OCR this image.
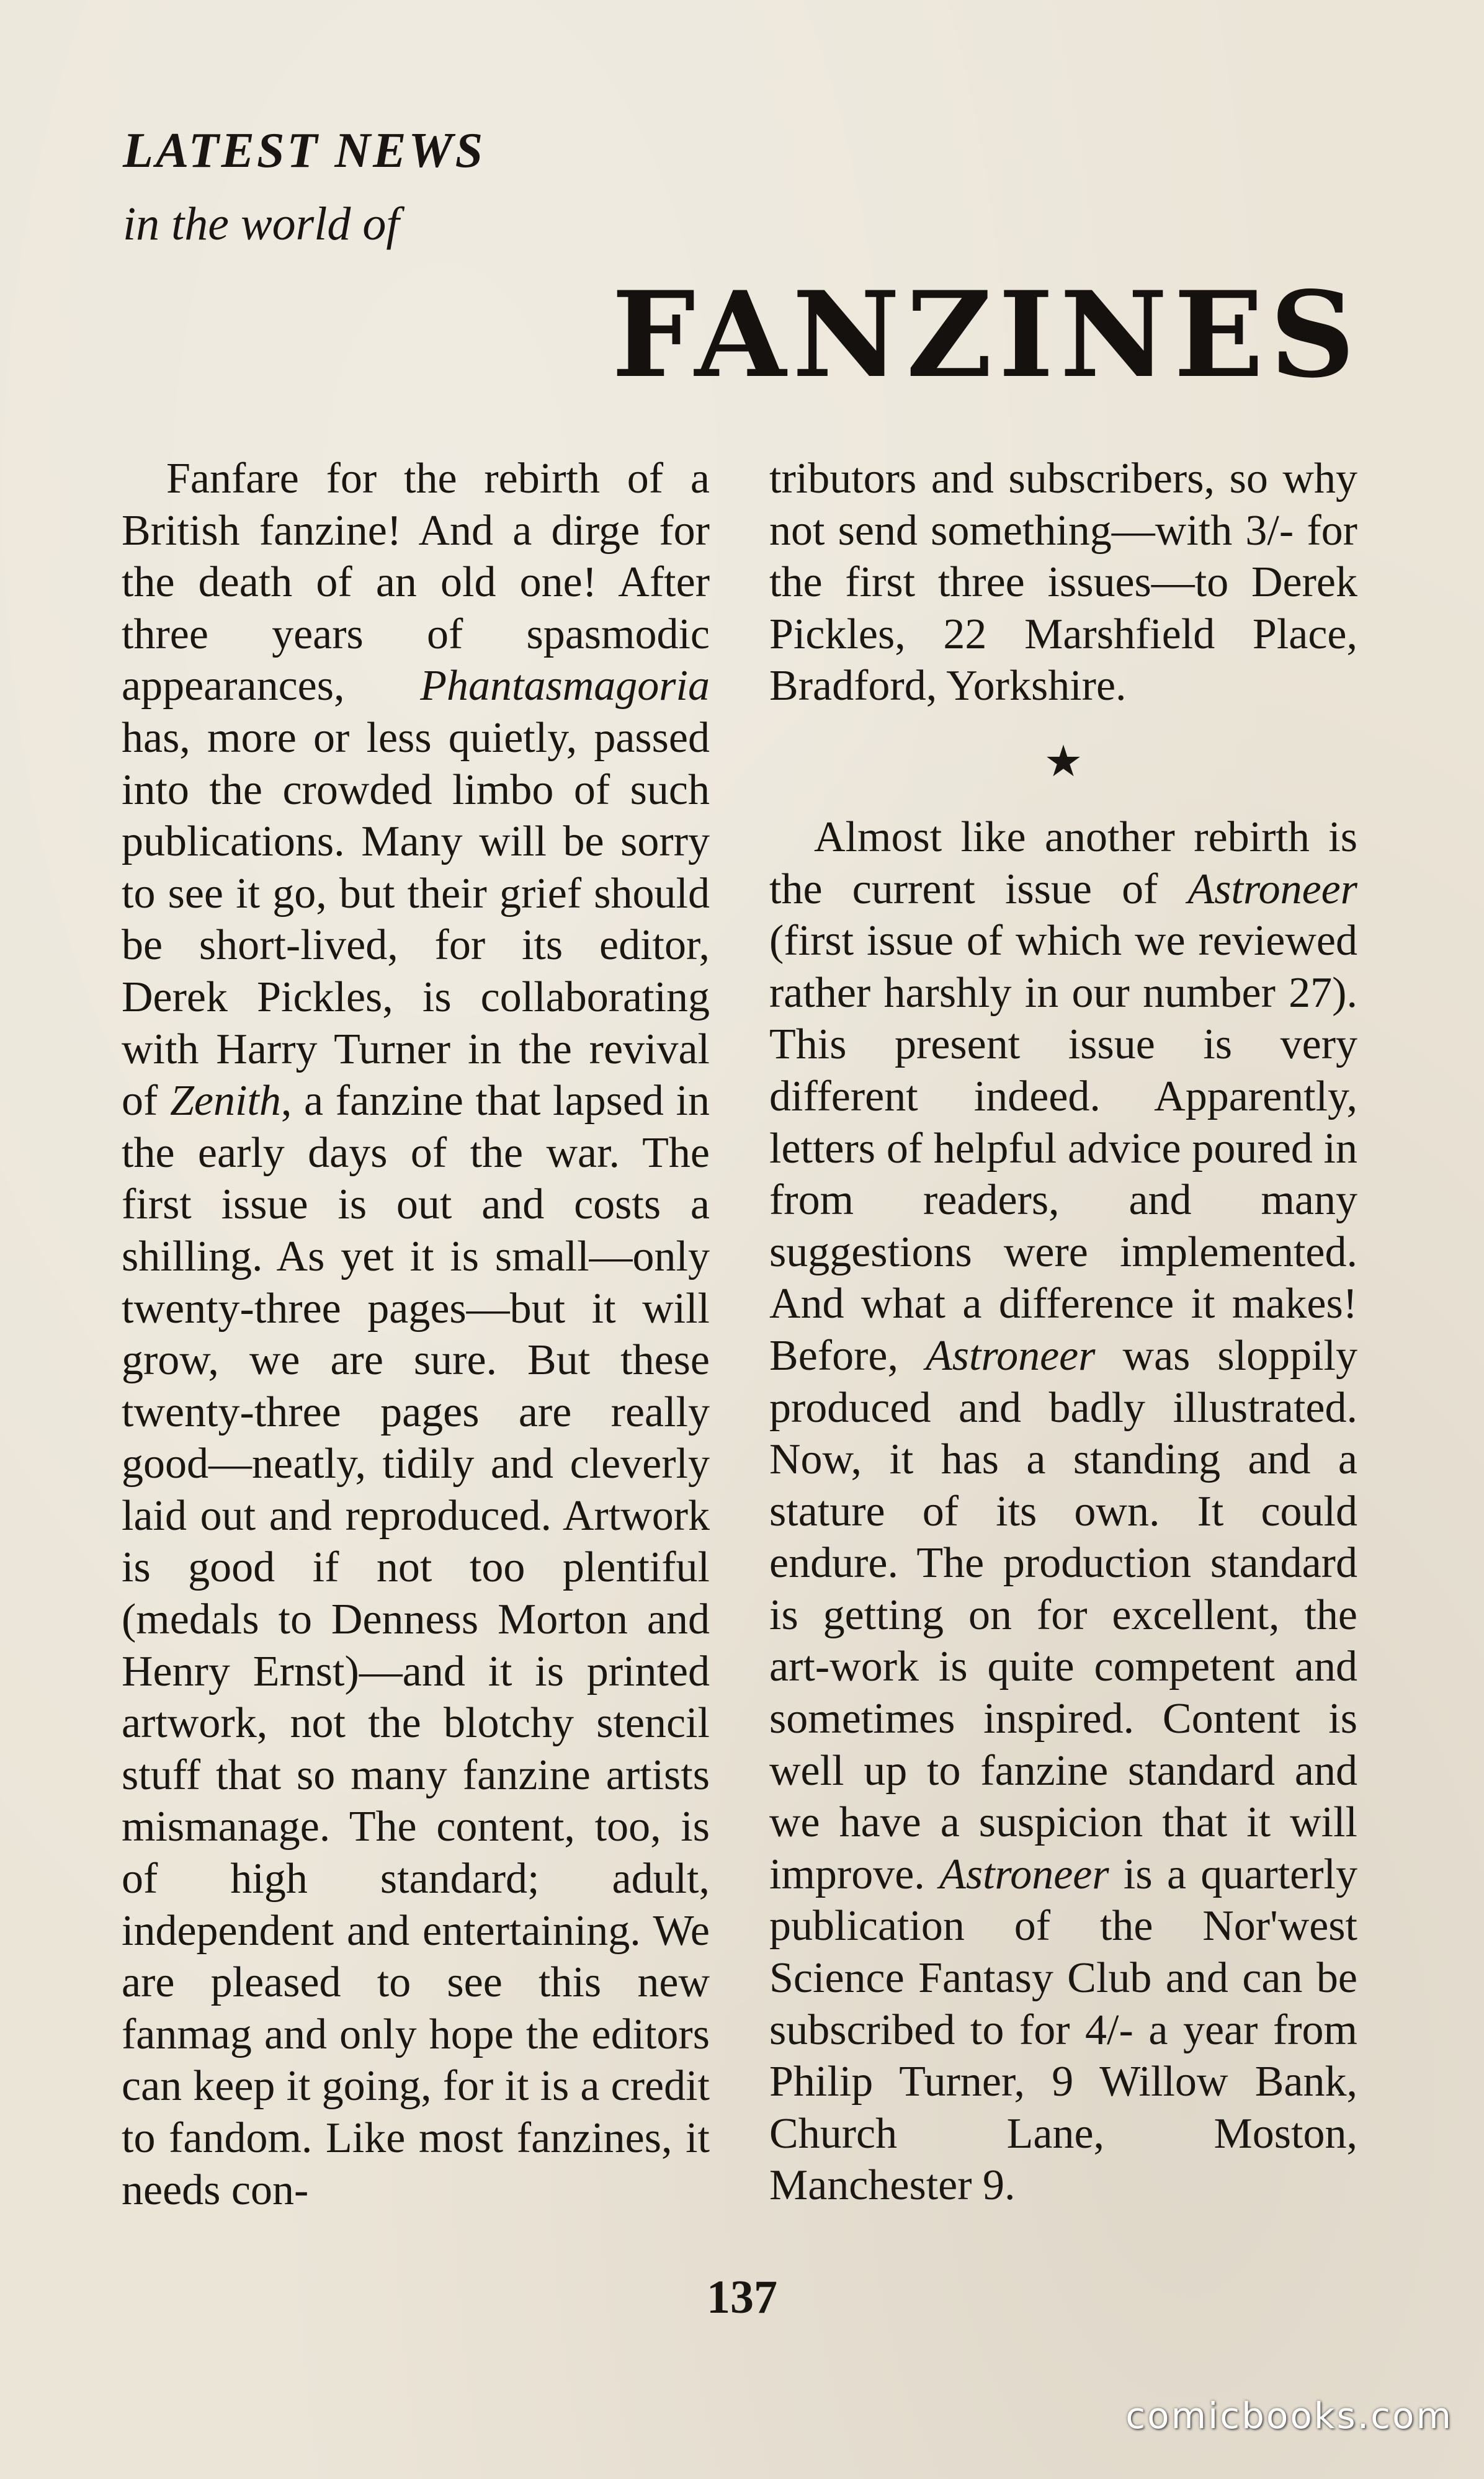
LATEST NEWS
in the world of
FANZINES

Fanfare for the rebirth of a British fanzine! And a dirge for the death of an old one! After three years of spasmodic appearances, Phantasmagoria has, more or less quietly, passed into the crowded limbo of such publications. Many will be sorry to see it go, but their grief should be short-lived, for its editor, Derek Pickles, is collaborating with Harry Turner in the revival of Zenith, a fanzine that lapsed in the early days of the war. The first issue is out and costs a shilling. As yet it is small—only twenty-three pages—but it will grow, we are sure. But these twenty-three pages are really good—neatly, tidily and cleverly laid out and reproduced. Artwork is good if not too plentiful (medals to Denness Morton and Henry Ernst)—and it is printed artwork, not the blotchy stencil stuff that so many fanzine artists mismanage. The content, too, is of high standard; adult, independent and entertaining. We are pleased to see this new fanmag and only hope the editors can keep it going, for it is a credit to fandom. Like most fanzines, it needs con-

tributors and subscribers, so why not send something—with 3/- for the first three issues—to Derek Pickles, 22 Marshfield Place, Bradford, Yorkshire.

★

Almost like another rebirth is the current issue of Astroneer (first issue of which we reviewed rather harshly in our number 27). This present issue is very different indeed. Apparently, letters of helpful advice poured in from readers, and many suggestions were implemented. And what a difference it makes! Before, Astroneer was sloppily produced and badly illustrated. Now, it has a standing and a stature of its own. It could endure. The production standard is getting on for excellent, the art-work is quite competent and sometimes inspired. Content is well up to fanzine standard and we have a suspicion that it will improve. Astroneer is a quarterly publication of the Nor'west Science Fantasy Club and can be subscribed to for 4/- a year from Philip Turner, 9 Willow Bank, Church Lane, Moston, Manchester 9.

137
comicbooks.com
